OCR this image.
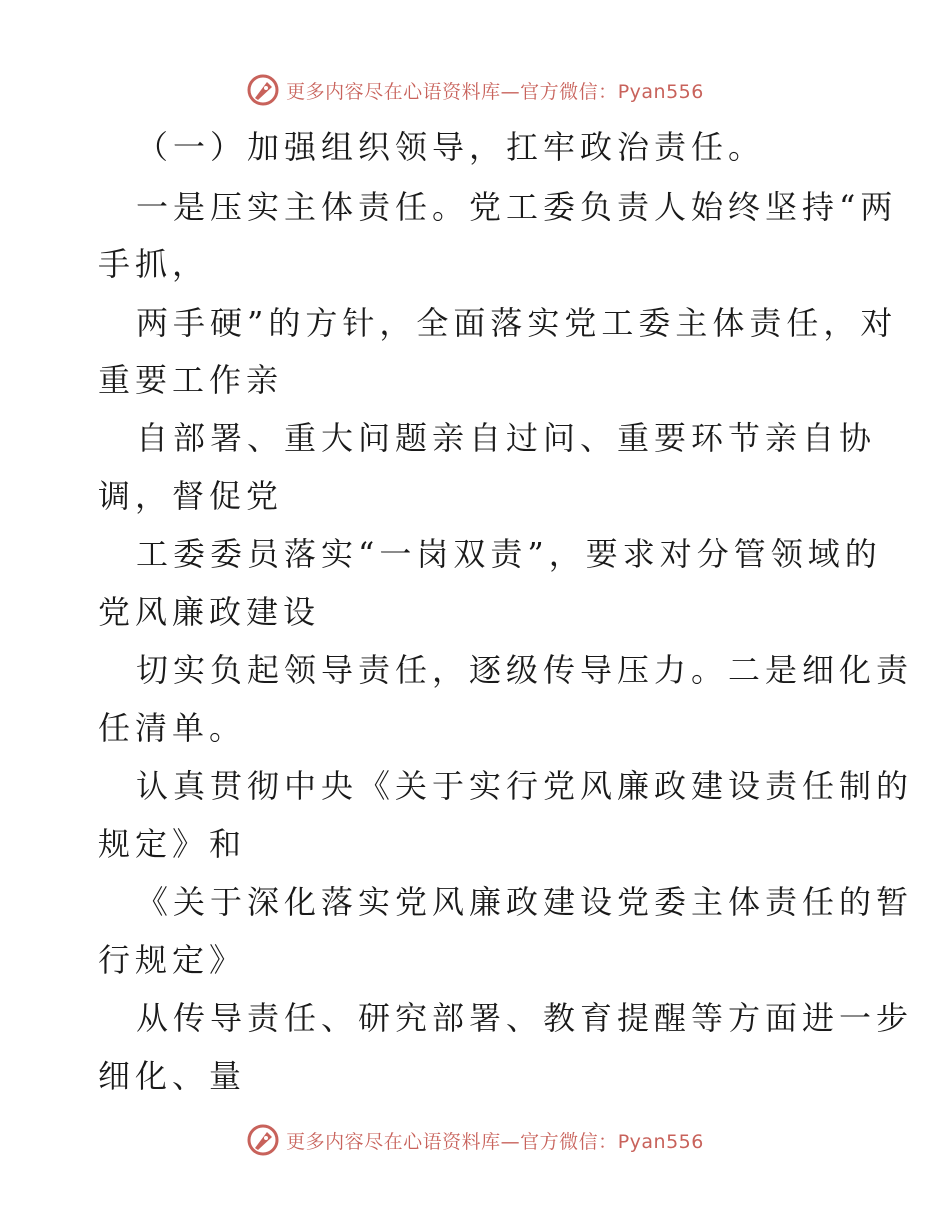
更多内容尽在心语资料库—官方微信：Pyan556
（一）加强组织领导，扛牢政治责任。
一是压实主体责任。党工委负责人始终坚持“两
手抓，
两手硬”的方针，全面落实党工委主体责任，对
重要工作亲
自部署、重大问题亲自过问、重要环节亲自协
调，督促党
工委委员落实“一岗双责”，要求对分管领域的
党风廉政建设
切实负起领导责任，逐级传导压力。二是细化责
任清单。
认真贯彻中央《关于实行党风廉政建设责任制的
规定》和
《关于深化落实党风廉政建设党委主体责任的暂
行规定》
从传导责任、研究部署、教育提醒等方面进一步
细化、量
更多内容尽在心语资料库—官方微信：Pyan556
